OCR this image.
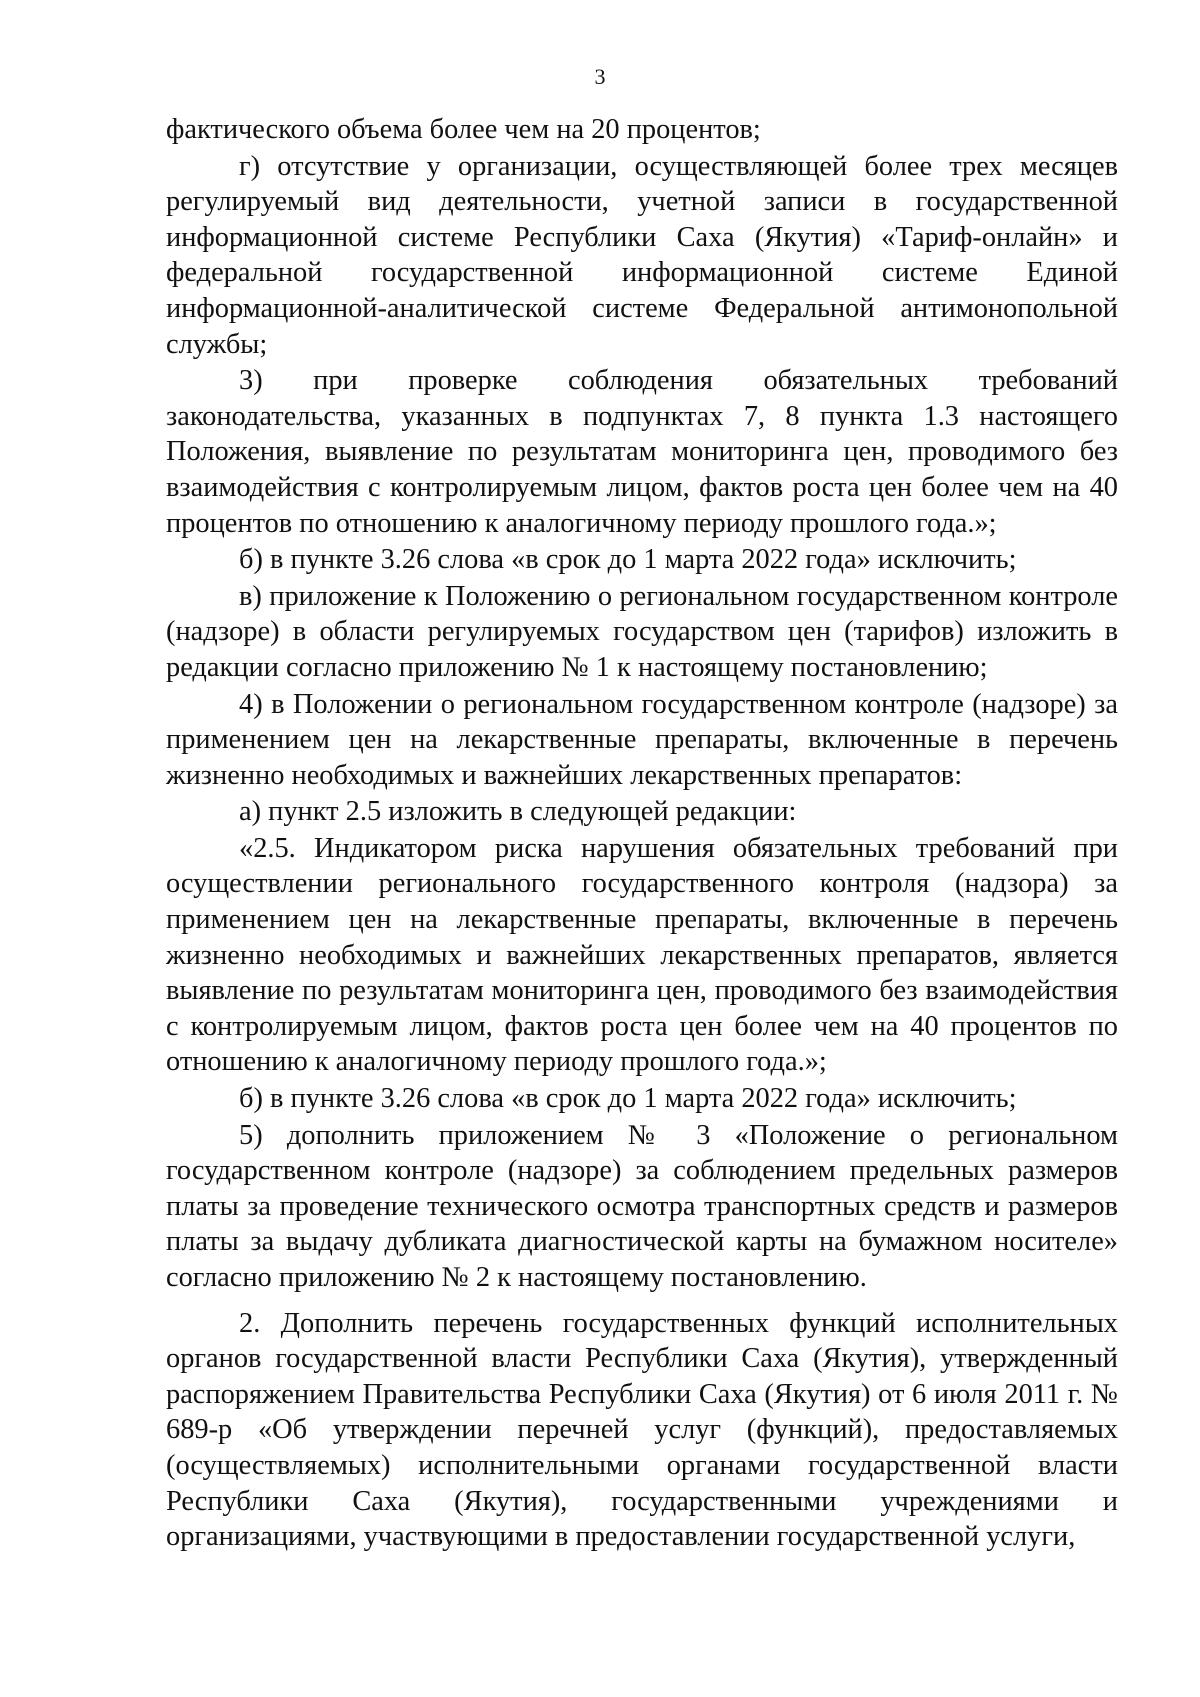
3

фактического объема более чем на 20 процентов;

г) отсутствие у организации, осуществляющей более трех месяцев регулируемый вид деятельности, учетной записи в государственной информационной системе Республики Саха (Якутия) «Тариф-онлайн» и федеральной государственной информационной системе Единой информационной-аналитической системе Федеральной антимонопольной службы;

3) при проверке соблюдения обязательных требований законодательства, указанных в подпунктах 7, 8 пункта 1.3 настоящего Положения, выявление по результатам мониторинга цен, проводимого без взаимодействия с контролируемым лицом, фактов роста цен более чем на 40 процентов по отношению к аналогичному периоду прошлого года.»;

б) в пункте 3.26 слова «в срок до 1 марта 2022 года» исключить;

в) приложение к Положению о региональном государственном контроле (надзоре) в области регулируемых государством цен (тарифов) изложить в редакции согласно приложению № 1 к настоящему постановлению;

4) в Положении о региональном государственном контроле (надзоре) за применением цен на лекарственные препараты, включенные в перечень жизненно необходимых и важнейших лекарственных препаратов:

а) пункт 2.5 изложить в следующей редакции:

«2.5. Индикатором риска нарушения обязательных требований при осуществлении регионального государственного контроля (надзора) за применением цен на лекарственные препараты, включенные в перечень жизненно необходимых и важнейших лекарственных препаратов, является выявление по результатам мониторинга цен, проводимого без взаимодействия с контролируемым лицом, фактов роста цен более чем на 40 процентов по отношению к аналогичному периоду прошлого года.»;

б) в пункте 3.26 слова «в срок до 1 марта 2022 года» исключить;

5) дополнить приложением № 3 «Положение о региональном государственном контроле (надзоре) за соблюдением предельных размеров платы за проведение технического осмотра транспортных средств и размеров платы за выдачу дубликата диагностической карты на бумажном носителе» согласно приложению № 2 к настоящему постановлению.

2. Дополнить перечень государственных функций исполнительных органов государственной власти Республики Саха (Якутия), утвержденный распоряжением Правительства Республики Саха (Якутия) от 6 июля 2011 г. № 689-р «Об утверждении перечней услуг (функций), предоставляемых (осуществляемых) исполнительными органами государственной власти Республики Саха (Якутия), государственными учреждениями и организациями, участвующими в предоставлении государственной услуги,
